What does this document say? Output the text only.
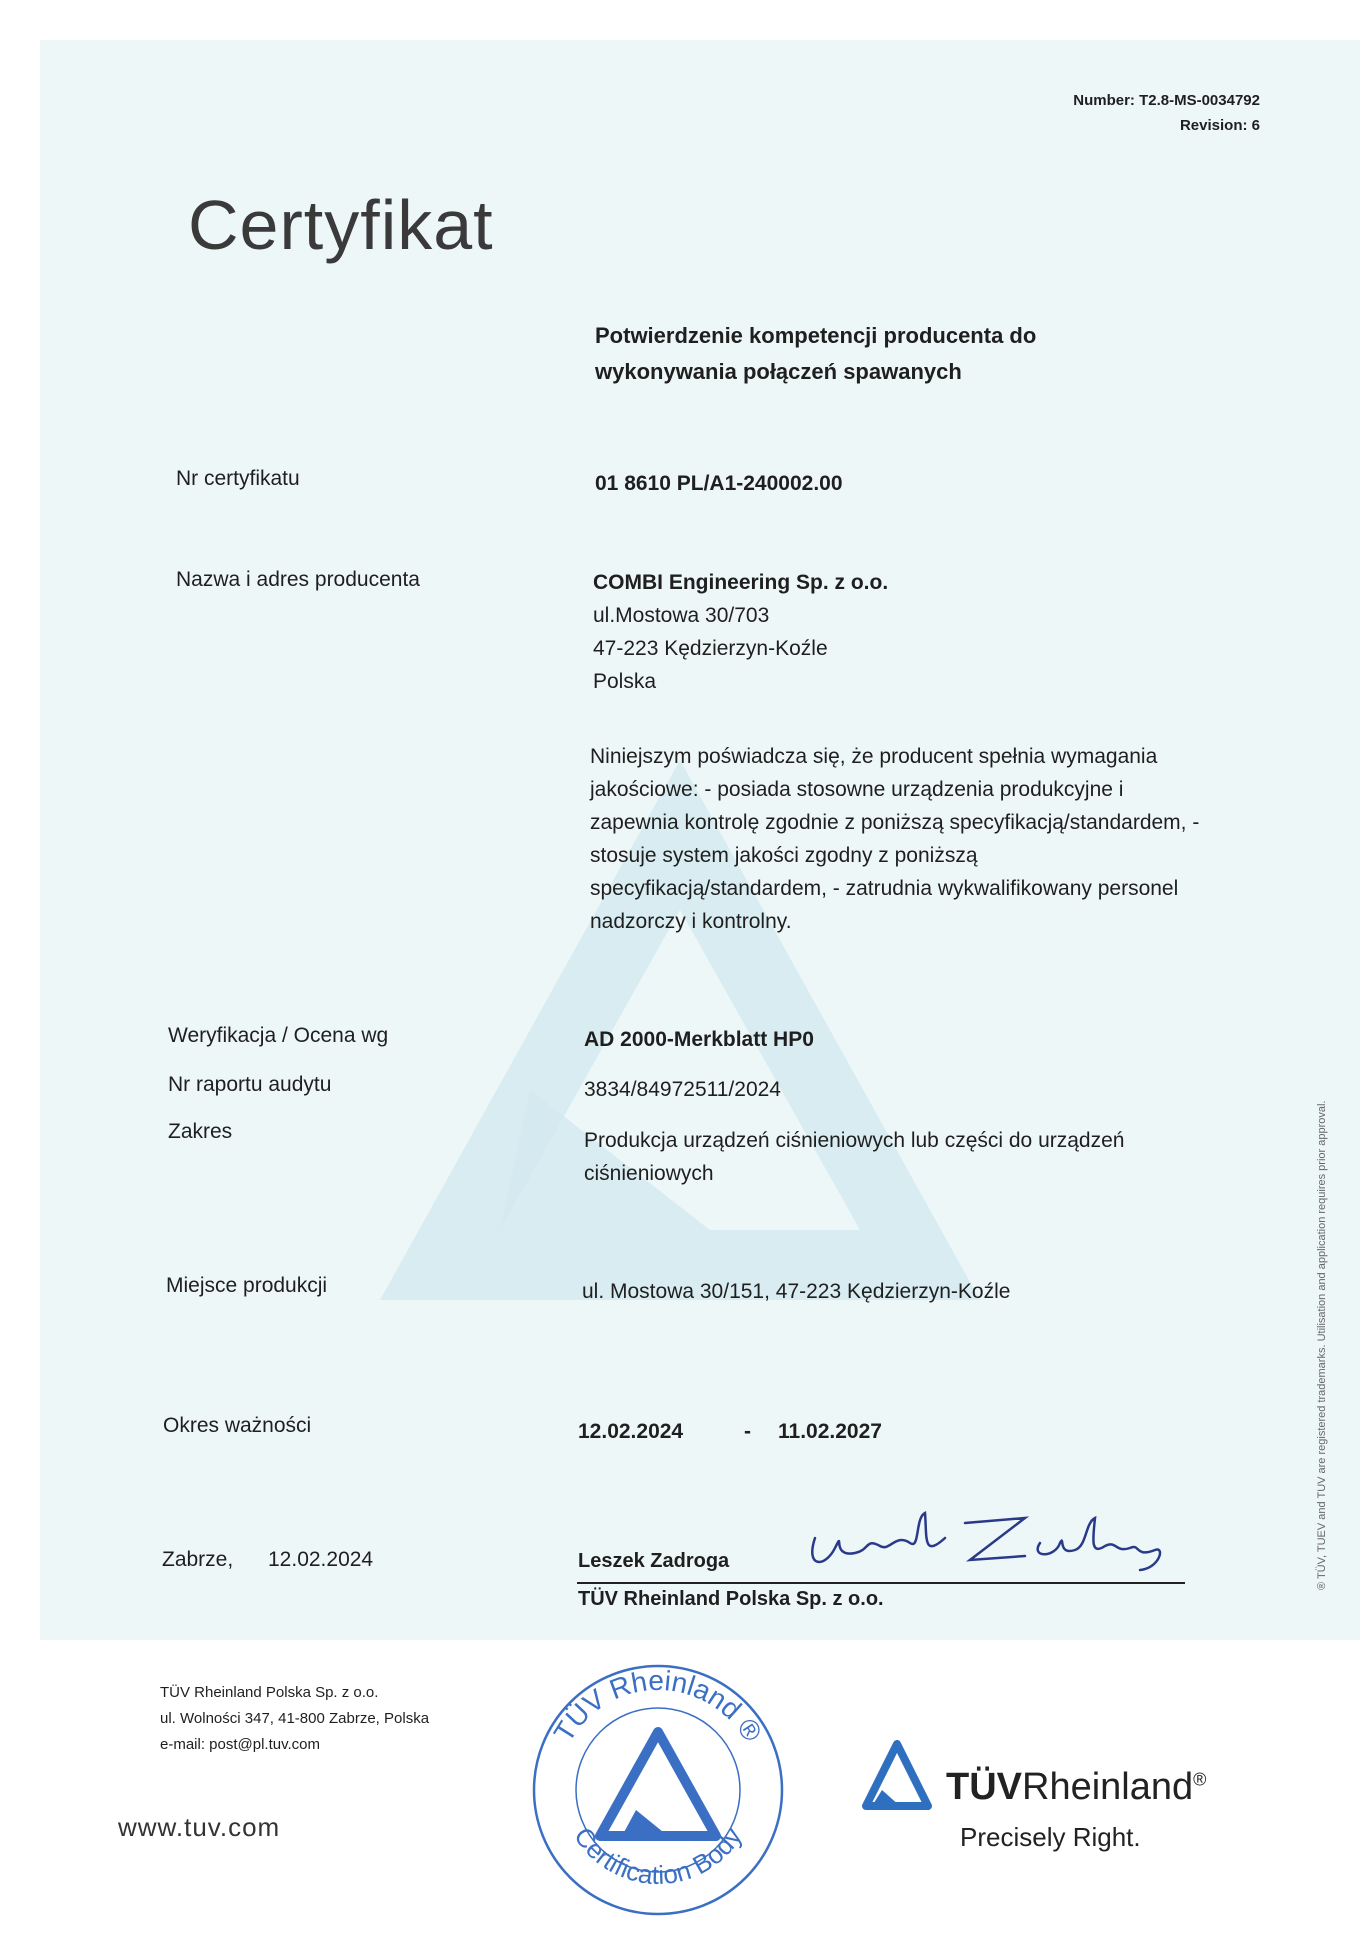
Number: T2.8-MS-0034792
Revision: 6
Certyfikat
Potwierdzenie kompetencji producenta do wykonywania połączeń spawanych
Nr certyfikatu	01 8610 PL/A1-240002.00
Nazwa i adres producenta	COMBI Engineering Sp. z o.o.
ul.Mostowa 30/703
47-223 Kędzierzyn-Koźle
Polska
Niniejszym poświadcza się, że producent spełnia wymagania jakościowe: - posiada stosowne urządzenia produkcyjne i zapewnia kontrolę zgodnie z poniższą specyfikacją/standardem, - stosuje system jakości zgodny z poniższą specyfikacją/standardem, - zatrudnia wykwalifikowany personel nadzorczy i kontrolny.
Weryfikacja / Ocena wg	AD 2000-Merkblatt HP0
Nr raportu audytu	3834/84972511/2024
Zakres	Produkcja urządzeń ciśnieniowych lub części do urządzeń ciśnieniowych
Miejsce produkcji	ul. Mostowa 30/151, 47-223 Kędzierzyn-Koźle
Okres ważności	12.02.2024	- 11.02.2027
Zabrze, 12.02.2024	Leszek Zadroga
TÜV Rheinland Polska Sp. z o.o.
® TÜV, TUEV and TUV are registered trademarks. Utilisation and application requires prior approval.
TÜV Rheinland Polska Sp. z o.o.
ul. Wolności 347, 41-800 Zabrze, Polska
e-mail: post@pl.tuv.com
www.tuv.com
TÜV Rheinland ®
Certification Body
TÜVRheinland®
Precisely Right.
